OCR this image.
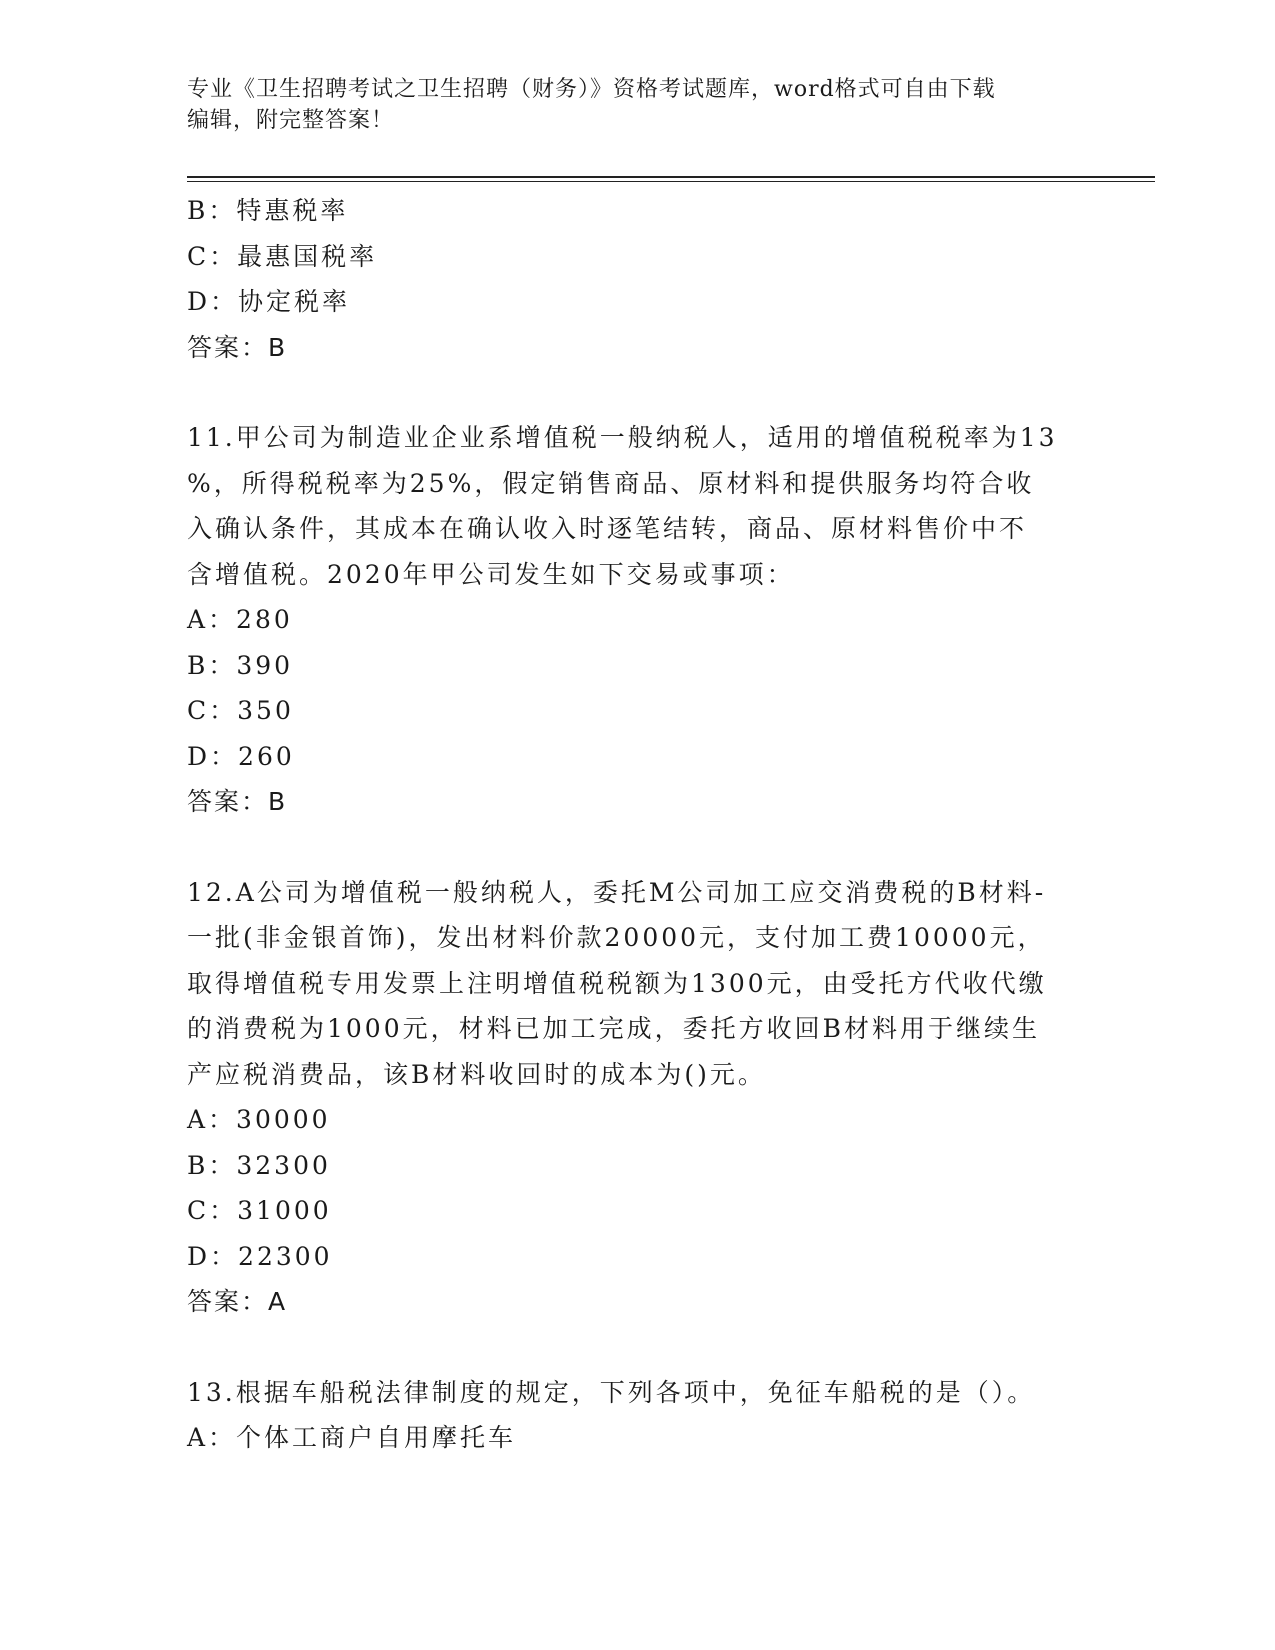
专业《卫生招聘考试之卫生招聘（财务）》资格考试题库，word格式可自由下载
编辑，附完整答案！
B：特惠税率
C：最惠国税率
D：协定税率
答案：B
11.甲公司为制造业企业系增值税一般纳税人，适用的增值税税率为13
%，所得税税率为25%，假定销售商品、原材料和提供服务均符合收
入确认条件，其成本在确认收入时逐笔结转，商品、原材料售价中不
含增值税。2020年甲公司发生如下交易或事项：
A：280
B：390
C：350
D：260
答案：B
12.A公司为增值税一般纳税人，委托M公司加工应交消费税的B材料-
一批(非金银首饰)，发出材料价款20000元，支付加工费10000元，
取得增值税专用发票上注明增值税税额为1300元，由受托方代收代缴
的消费税为1000元，材料已加工完成，委托方收回B材料用于继续生
产应税消费品，该B材料收回时的成本为()元。
A：30000
B：32300
C：31000
D：22300
答案：A
13.根据车船税法律制度的规定，下列各项中，免征车船税的是（）。
A：个体工商户自用摩托车
